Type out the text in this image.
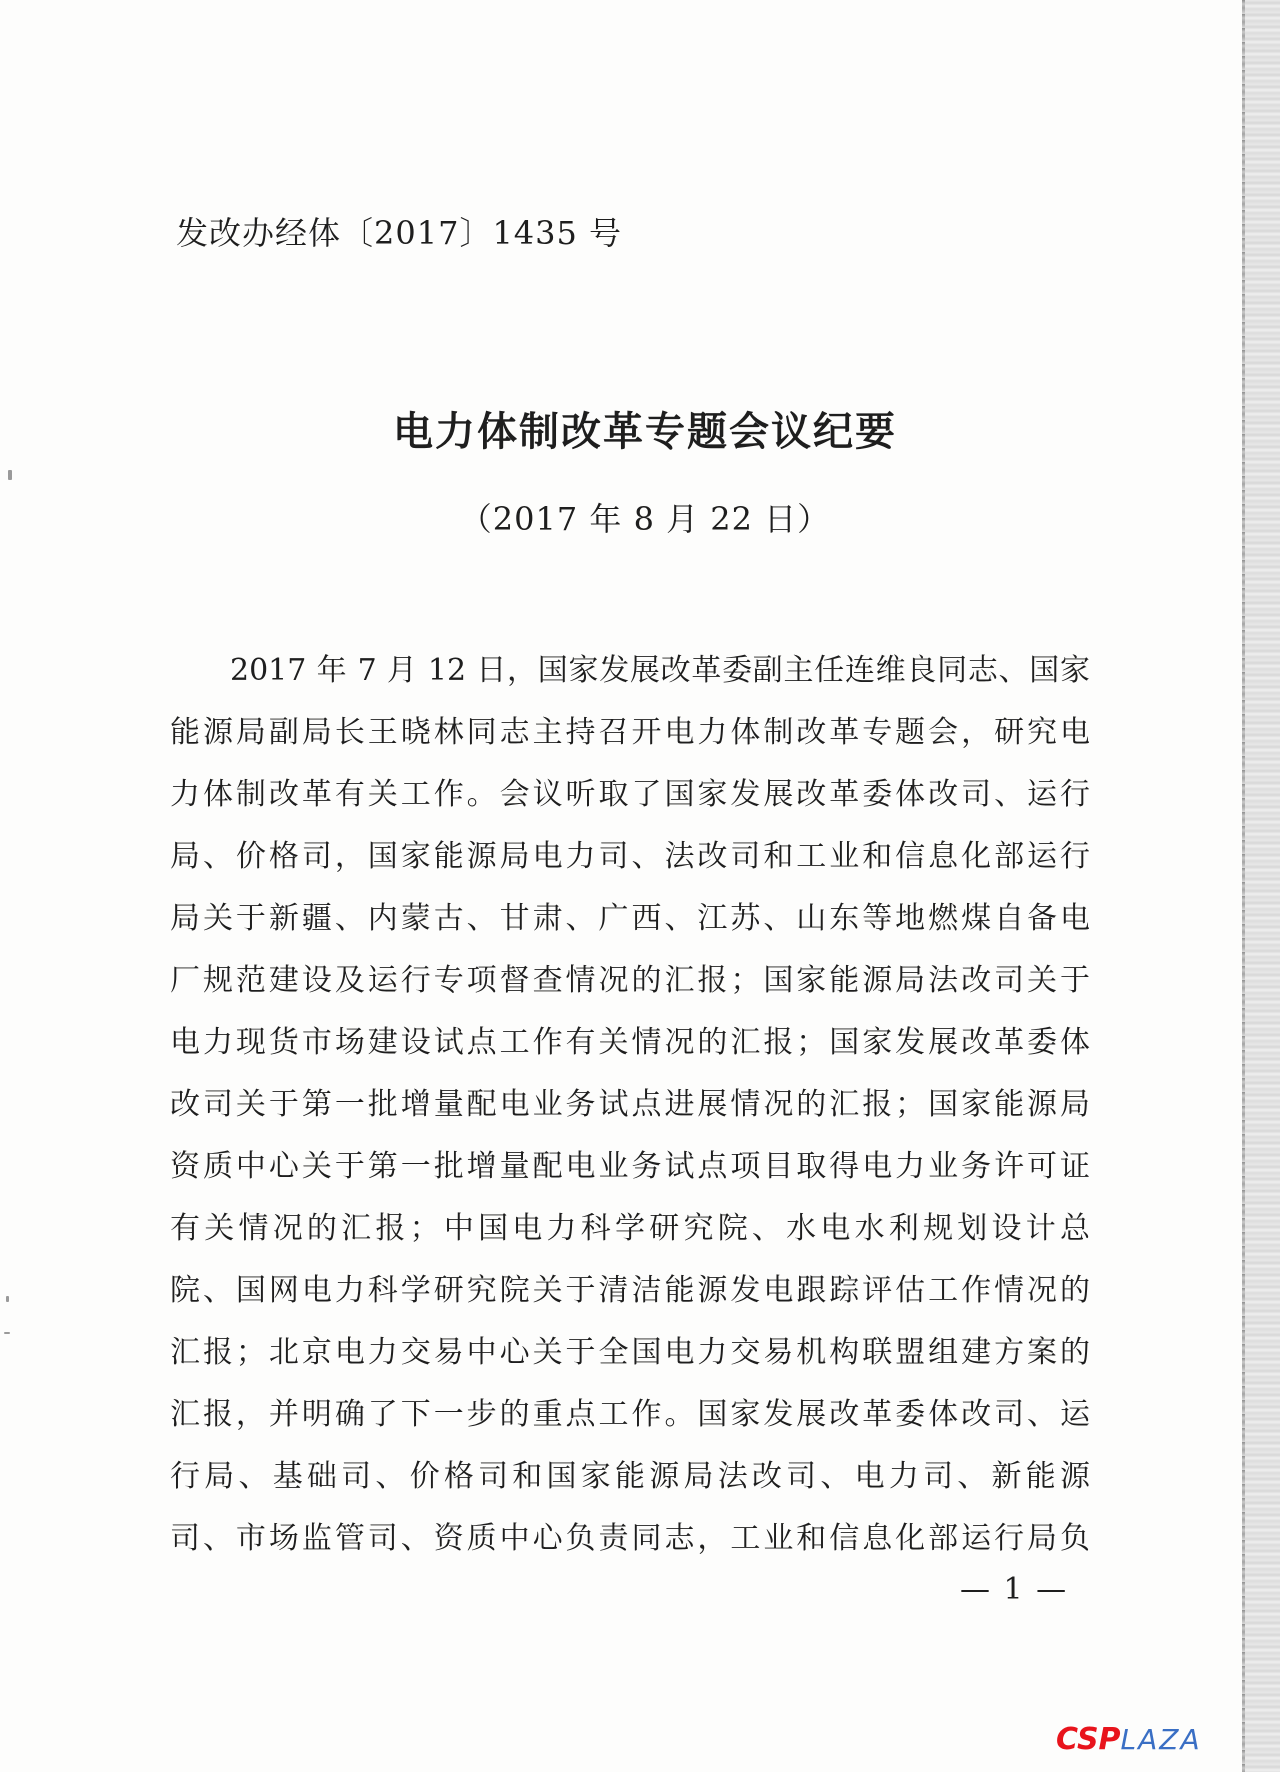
发改办经体〔2017〕1435 号
电力体制改革专题会议纪要
（2017 年 8 月 22 日）
2017 年 7 月 12 日，国家发展改革委副主任连维良同志、国家
能源局副局长王晓林同志主持召开电力体制改革专题会，研究电
力体制改革有关工作。会议听取了国家发展改革委体改司、运行
局、价格司，国家能源局电力司、法改司和工业和信息化部运行
局关于新疆、内蒙古、甘肃、广西、江苏、山东等地燃煤自备电
厂规范建设及运行专项督查情况的汇报；国家能源局法改司关于
电力现货市场建设试点工作有关情况的汇报；国家发展改革委体
改司关于第一批增量配电业务试点进展情况的汇报；国家能源局
资质中心关于第一批增量配电业务试点项目取得电力业务许可证
有关情况的汇报；中国电力科学研究院、水电水利规划设计总
院、国网电力科学研究院关于清洁能源发电跟踪评估工作情况的
汇报；北京电力交易中心关于全国电力交易机构联盟组建方案的
汇报，并明确了下一步的重点工作。国家发展改革委体改司、运
行局、基础司、价格司和国家能源局法改司、电力司、新能源
司、市场监管司、资质中心负责同志，工业和信息化部运行局负
— 1 —
CSPLAZA
